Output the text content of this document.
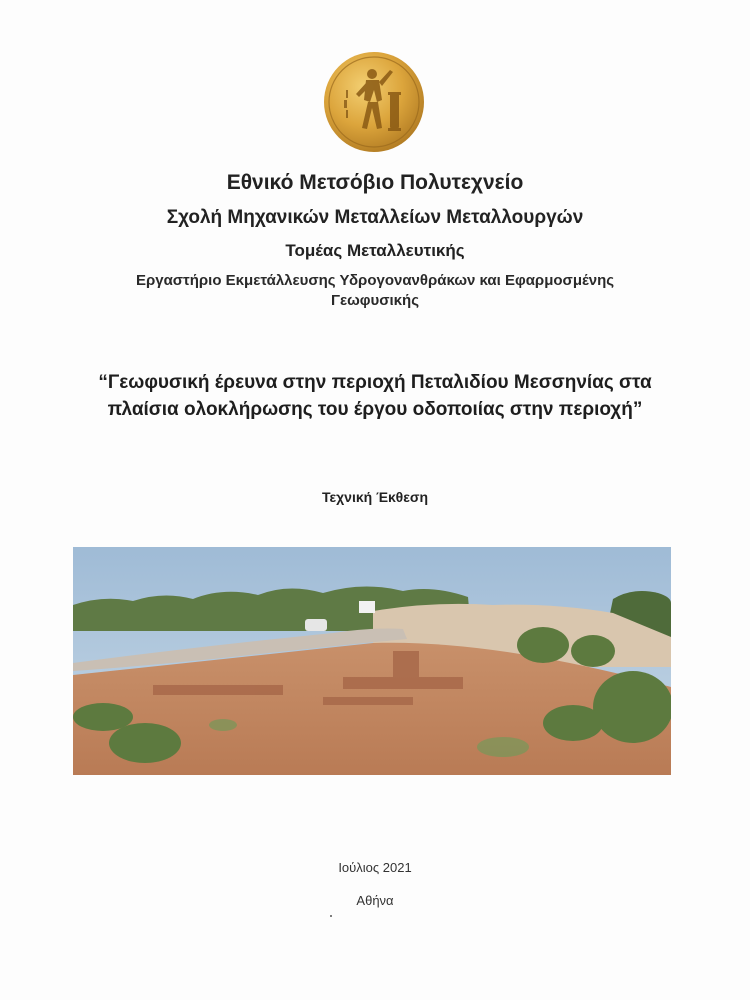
Εθνικό Μετσόβιο Πολυτεχνείο
Σχολή Μηχανικών Μεταλλείων Μεταλλουργών
Τομέας Μεταλλευτικής
Εργαστήριο Εκμετάλλευσης Υδρογονανθράκων και Εφαρμοσμένης
Γεωφυσικής
“Γεωφυσική έρευνα στην περιοχή Πεταλιδίου Μεσσηνίας στα
πλαίσια ολοκλήρωσης του έργου οδοποιίας στην περιοχή”
Τεχνική Έκθεση
Ιούλιος 2021
Αθήνα
